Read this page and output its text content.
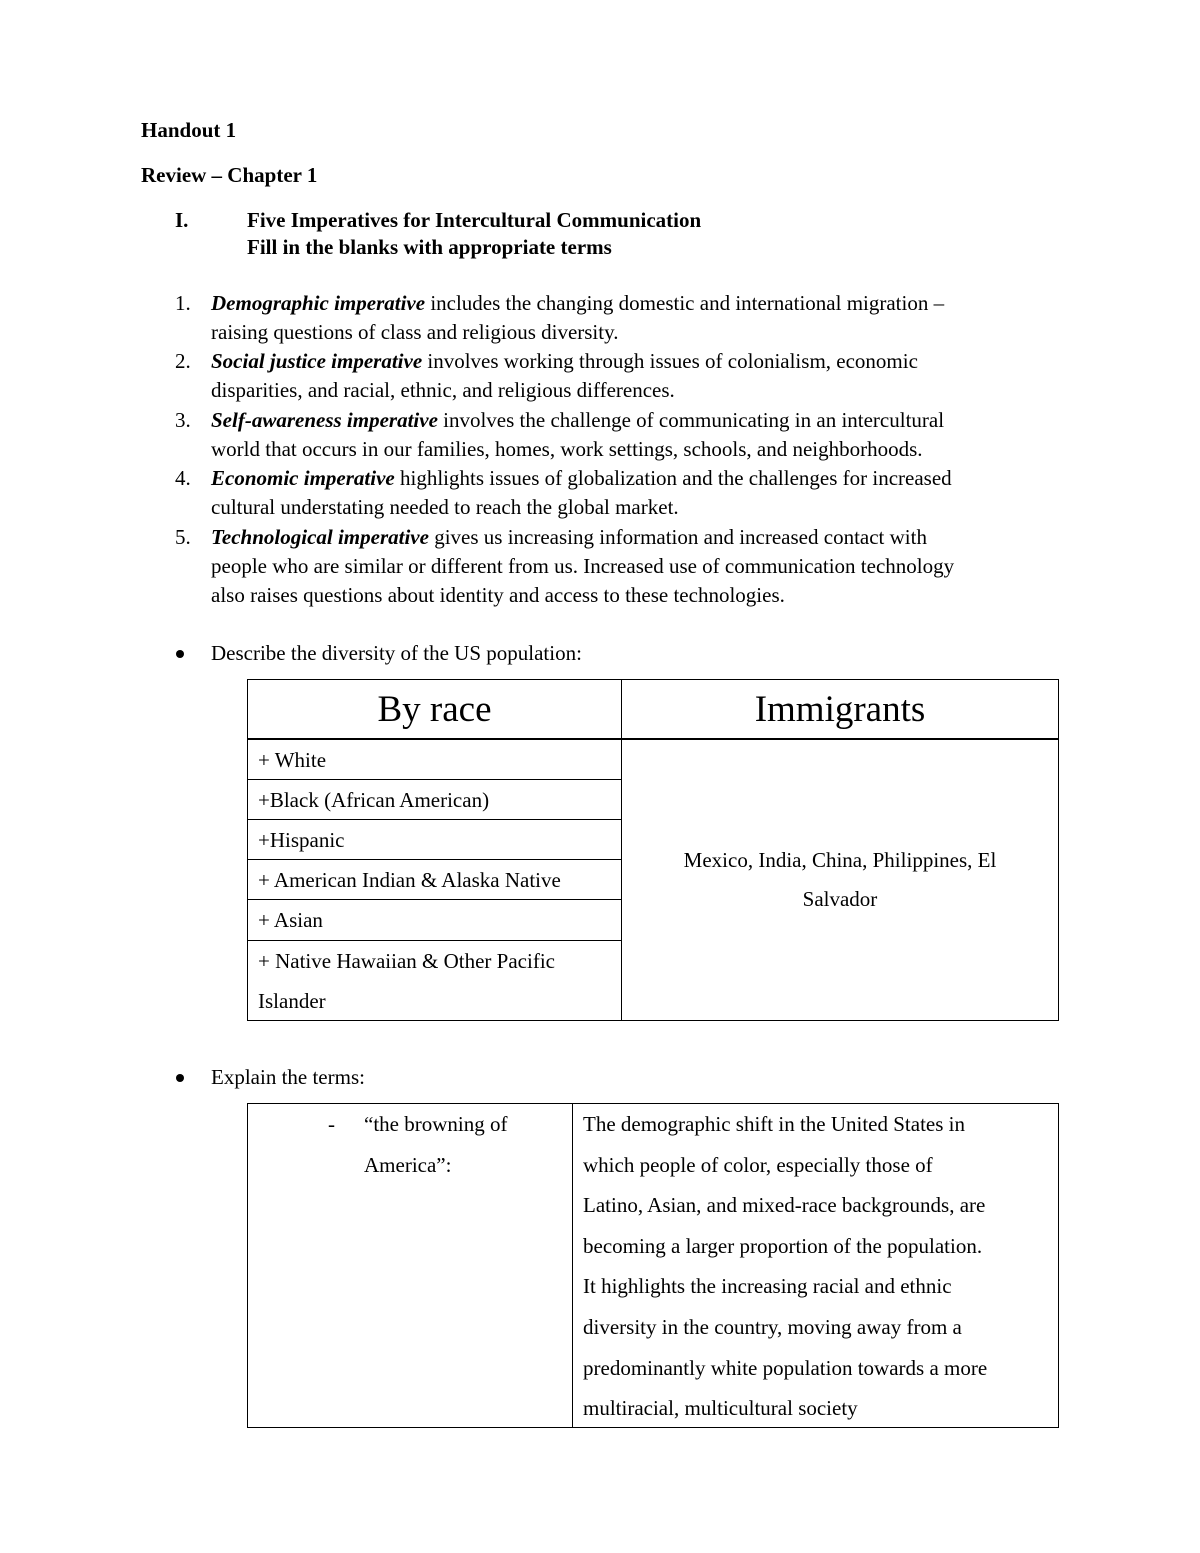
Handout 1
Review – Chapter 1
I.	Five Imperatives for Intercultural Communication
Fill in the blanks with appropriate terms
1. Demographic imperative includes the changing domestic and international migration –
raising questions of class and religious diversity.
2. Social justice imperative involves working through issues of colonialism, economic
disparities, and racial, ethnic, and religious differences.
3. Self-awareness imperative involves the challenge of communicating in an intercultural
world that occurs in our families, homes, work settings, schools, and neighborhoods.
4. Economic imperative highlights issues of globalization and the challenges for increased
cultural understating needed to reach the global market.
5. Technological imperative gives us increasing information and increased contact with
people who are similar or different from us. Increased use of communication technology
also raises questions about identity and access to these technologies.
Describe the diversity of the US population:
By race	Immigrants
+ White
+Black (African American)
+Hispanic
+ American Indian & Alaska Native
+ Asian
+ Native Hawaiian & Other Pacific
Islander
Mexico, India, China, Philippines, El
Salvador
Explain the terms:
- “the browning of
America”:
The demographic shift in the United States in
which people of color, especially those of
Latino, Asian, and mixed-race backgrounds, are
becoming a larger proportion of the population.
It highlights the increasing racial and ethnic
diversity in the country, moving away from a
predominantly white population towards a more
multiracial, multicultural society
